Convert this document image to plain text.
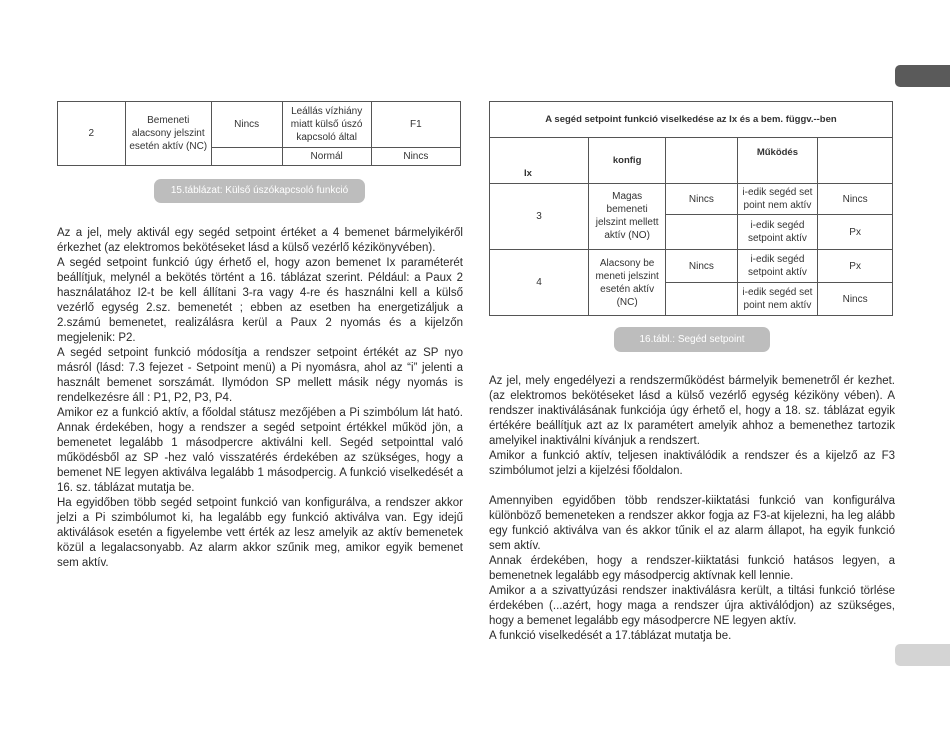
2	Bemeneti alacsony jelszint esetén aktív (NC)	Nincs	Leállás vízhiány miatt külső úszó kapcsoló által	F1
			Normál	Nincs
15.táblázat: Külső úszókapcsoló funkció
A segéd setpoint funkció viselkedése az Ix és a bem. függv.--ben				
Ix	konfig		Működés	
3	Magas bemeneti jelszint mellett aktív (NO)	Nincs	i-edik segéd set point nem aktív	Nincs
			i-edik segéd setpoint aktív	Px
4	Alacsony be meneti jelszint esetén aktív (NC)	Nincs	i-edik segéd setpoint aktív	Px
			i-edik segéd set point nem aktív	Nincs
16.tábl.: Segéd setpoint

Az a jel, mely aktivál egy segéd setpoint értéket a 4 bemenet bármelyikéről érkezhet (az elektromos bekötéseket lásd a külső vezérlő kézikönyvében).

A segéd setpoint funkció úgy érhető el, hogy azon bemenet Ix paraméterét beállítjuk, melynél a bekötés történt a 16. táblázat szerint. Például: a Paux 2 használatához I2-t be kell állítani 3-ra vagy 4-re és használni kell a külső vezérlő egység 2.sz. bemenetét ; ebben az esetben ha energetizáljuk a 2.számú bemenetet, realizálásra kerül a Paux 2 nyomás és a kijelzőn megjelenik: P2.

A segéd setpoint funkció módosítja a rendszer setpoint értékét az SP nyo másról (lásd: 7.3 fejezet - Setpoint menü) a Pi nyomásra, ahol az “i” jelenti a használt bemenet sorszámát. Ilymódon SP mellett másik négy nyomás is rendelkezésre áll : P1, P2, P3, P4.

Amikor ez a funkció aktív, a főoldal státusz mezőjében a Pi szimbólum lát ható. Annak érdekében, hogy a rendszer a segéd setpoint értékkel működ jön, a bemenetet legalább 1 másodpercre aktiválni kell. Segéd setpointtal való működésből az SP -hez való visszatérés érdekében az szükséges, hogy a bemenet NE legyen aktiválva legalább 1 másodpercig. A funkció viselkedését a 16. sz. táblázat mutatja be.

Ha egyidőben több segéd setpoint funkció van konfigurálva, a rendszer akkor jelzi a Pi szimbólumot ki, ha legalább egy funkció aktiválva van. Egy idejű aktiválások esetén a figyelembe vett érték az lesz amelyik az aktív bemenetek közül a legalacsonyabb. Az alarm akkor szűnik meg, amikor egyik bemenet sem aktív.

Az jel, mely engedélyezi a rendszerműködést bármelyik bemenetről ér kezhet.(az elektromos bekötéseket lásd a külső vezérlő egység kéziköny vében). A rendszer inaktiválásának funkciója úgy érhető el, hogy a 18. sz. táblázat egyik értékére beállítjuk azt az Ix paramétert amelyik ahhoz a bemenethez tartozik amelyikel inaktiválni kívánjuk a rendszert.

Amikor a funkció aktív, teljesen inaktiválódik a rendszer és a kijelző az F3 szimbólumot jelzi a kijelzési főoldalon.

Amennyiben egyidőben több rendszer-kiiktatási funkció van konfigurálva különböző bemeneteken a rendszer akkor fogja az F3-at kijelezni, ha leg alább egy funkció aktiválva van és akkor tűnik el az alarm állapot, ha egyik funkció sem aktív.

Annak érdekében, hogy a rendszer-kiiktatási funkció hatásos legyen, a bemenetnek legalább egy másodpercig aktívnak kell lennie.

Amikor a a szivattyúzási rendszer inaktiválásra került, a tiltási funkció törlése érdekében (...azért, hogy maga a rendszer újra aktiválódjon) az szükséges, hogy a bemenet legalább egy másodpercre NE legyen aktív.

A funkció viselkedését a 17.táblázat mutatja be.
